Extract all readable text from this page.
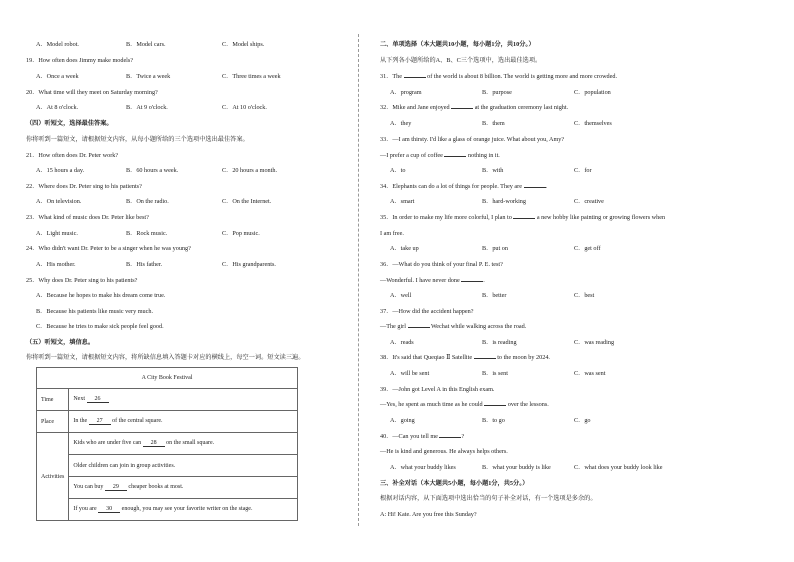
A．Model robot.	B．Model cars.	C．Model ships.
19．How often does Jimmy make models?
A．Once a week	B．Twice a week	C．Three times a week
20．What time will they meet on Saturday morning?
A．At 8 o'clock.	B．At 9 o'clock.	C．At 10 o'clock.
（四）听短文，选择最佳答案。
你将听到一篇短文，请根据短文内容，从每小题所给的三个选项中选出最佳答案。
21．How often does Dr. Peter work?
A．15 hours a day.	B．60 hours a week.	C．20 hours a month.
22．Where does Dr. Peter sing to his patients?
A．On television.	B．On the radio.	C．On the Internet.
23．What kind of music does Dr. Peter like best?
A．Light music.	B．Rock music.	C．Pop music.
24．Who didn't want Dr. Peter to be a singer when he was young?
A．His mother.	B．His father.	C．His grandparents.
25．Why does Dr. Peter sing to his patients?
A．Because he hopes to make his dream come true.
B．Because his patients like music very much.
C．Because he tries to make sick people feel good.
（五）听短文，填信息。
你将听到一篇短文，请根据短文内容，将所缺信息填入答题卡对应的横线上，每空一词。短文读三遍。
A City Book Festival	
Time	Next 26
Place	In the 27 of the central square.
Activities	Kids who are under five can 28 on the small square.
	Older children can join in group activities.
	You can buy 29 cheaper books at most.
	If you are 30 enough, you may see your favorite writer on the stage.
二、单项选择（本大题共10小题，每小题1分，共10分。）
从下列各小题所给的A、B、C三个选项中，选出最佳选项。
31．The	of the world is about 8 billion. The world is getting more and more crowded.
A．program	B．purpose	C．population
32．Mike and Jane enjoyed	at the graduation ceremony last night.
A．they	B．them	C．themselves
33．—I am thirsty. I'd like a glass of orange juice. What about you, Amy?
—I prefer a cup of coffee	nothing in it.
A．to	B．with	C．for
34．Elephants can do a lot of things for people. They are	.
A．smart	B．hard-working	C．creative
35．In order to make my life more colorful, I plan to	a new hobby like painting or growing flowers when
I am free.
A．take up	B．put on	C．get off
36．—What do you think of your final P. E. test?
—Wonderful. I have never done	.
A．well	B．better	C．best
37．—How did the accident happen?
—The girl	Wechat while walking across the road.
A．reads	B．is reading	C．was reading
38．It's said that Queqiao Ⅱ Satellite	to the moon by 2024.
A．will be sent	B．is sent	C．was sent
39．—John got Level A in this English exam.
—Yes, he spent as much time as he could	over the lessons.
A．going	B．to go	C．go
40．—Can you tell me	?
—He is kind and generous. He always helps others.
A．what your buddy likes	B．what your buddy is like	C．what does your buddy look like
三、补全对话（本大题共5小题，每小题1分，共5分。）
根据对话内容，从下面选项中选出恰当的句子补全对话，有一个选项是多余的。
A: Hi! Kate. Are you free this Sunday?
